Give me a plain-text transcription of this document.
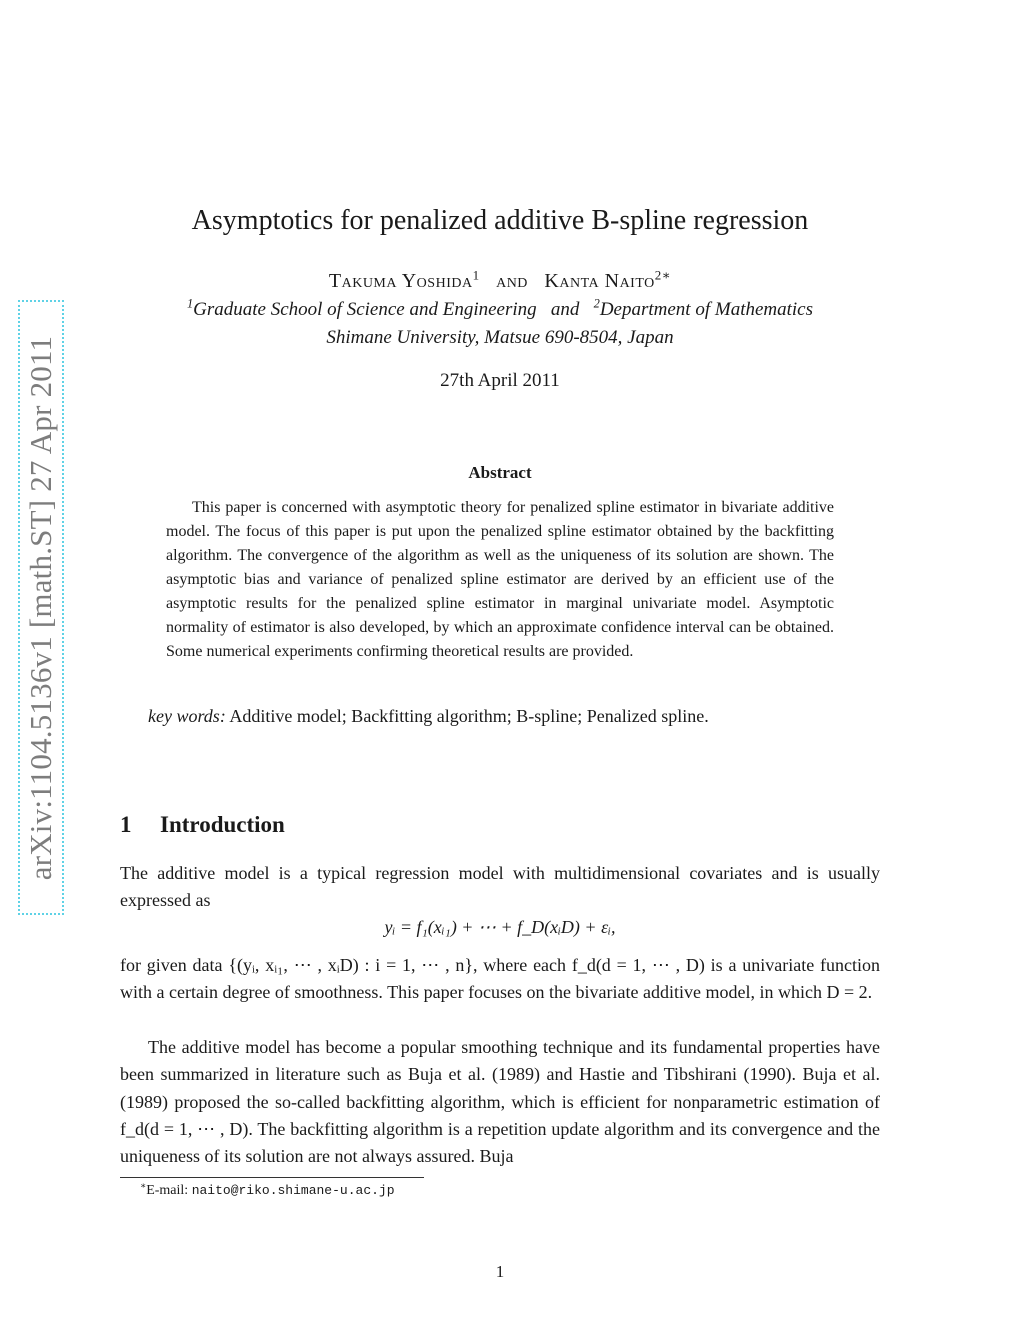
arXiv:1104.5136v1 [math.ST] 27 Apr 2011
Asymptotics for penalized additive B-spline regression
Takuma Yoshida$^1$ and Kanta Naito$^{2∗}$
$^1$Graduate School of Science and Engineering and $^2$Department of Mathematics
Shimane University, Matsue 690-8504, Japan
27th April 2011
Abstract
This paper is concerned with asymptotic theory for penalized spline estimator in bivariate additive model. The focus of this paper is put upon the penalized spline estimator obtained by the backfitting algorithm. The convergence of the algorithm as well as the uniqueness of its solution are shown. The asymptotic bias and variance of penalized spline estimator are derived by an efficient use of the asymptotic results for the penalized spline estimator in marginal univariate model. Asymptotic normality of estimator is also developed, by which an approximate confidence interval can be obtained. Some numerical experiments confirming theoretical results are provided.
key words: Additive model; Backfitting algorithm; B-spline; Penalized spline.
1 Introduction
The additive model is a typical regression model with multidimensional covariates and is usually expressed as
yᵢ = f₁(xᵢ₁) + ⋯ + f_D(xᵢD) + εᵢ,
for given data {(yᵢ, xᵢ₁, ⋯ , xᵢD) : i = 1, ⋯ , n}, where each f_d(d = 1, ⋯ , D) is a univariate function with a certain degree of smoothness. This paper focuses on the bivariate additive model, in which D = 2.
The additive model has become a popular smoothing technique and its fundamental properties have been summarized in literature such as Buja et al. (1989) and Hastie and Tibshirani (1990). Buja et al. (1989) proposed the so-called backfitting algorithm, which is efficient for nonparametric estimation of f_d(d = 1, ⋯ , D). The backfitting algorithm is a repetition update algorithm and its convergence and the uniqueness of its solution are not always assured. Buja
∗E-mail: naito@riko.shimane-u.ac.jp
1
